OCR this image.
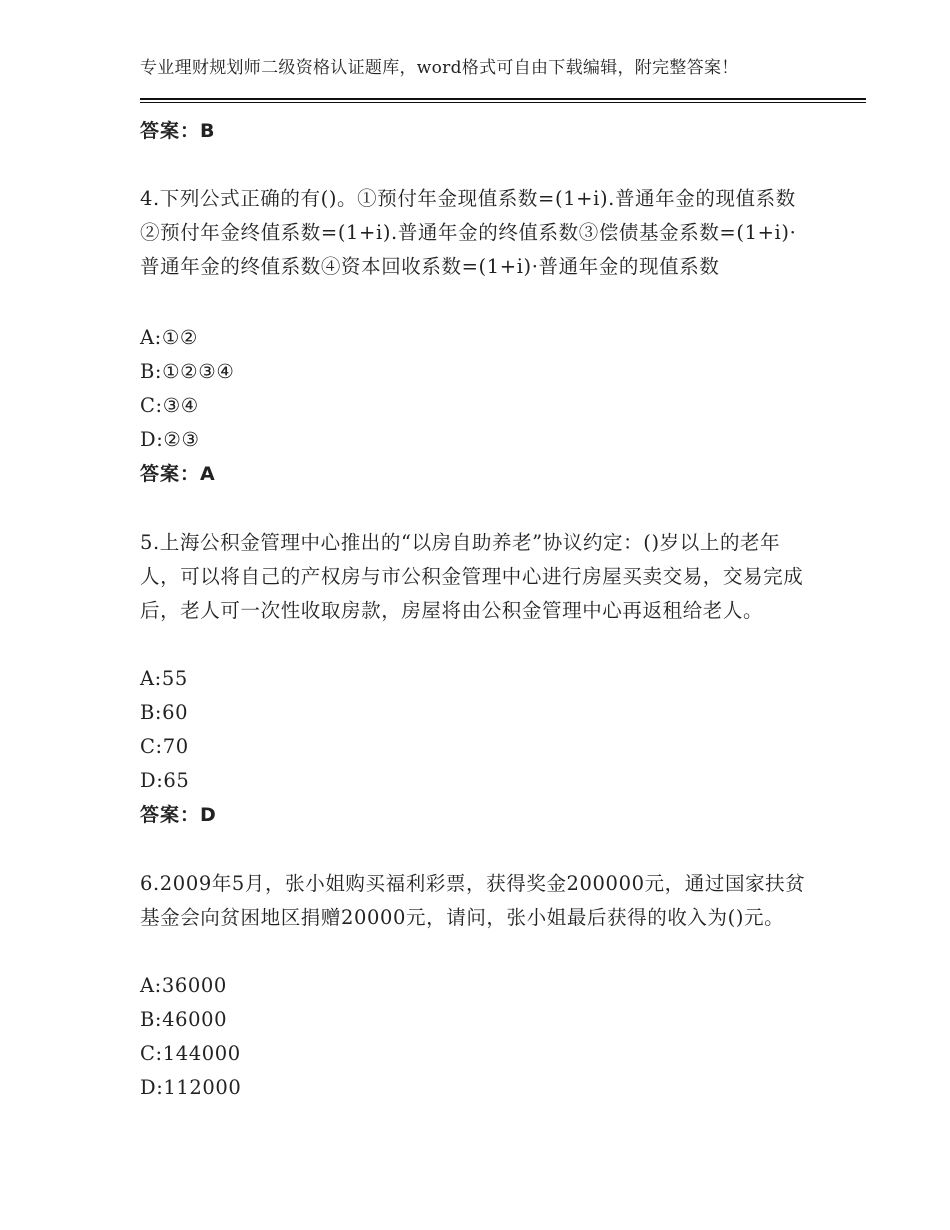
专业理财规划师二级资格认证题库，word格式可自由下载编辑，附完整答案！
答案：B
4.下列公式正确的有()。①预付年金现值系数=(1+i).普通年金的现值系数②预付年金终值系数=(1+i).普通年金的终值系数③偿债基金系数=(1+i)·普通年金的终值系数④资本回收系数=(1+i)·普通年金的现值系数
A:①②
B:①②③④
C:③④
D:②③
答案：A
5.上海公积金管理中心推出的“以房自助养老”协议约定：()岁以上的老年人，可以将自己的产权房与市公积金管理中心进行房屋买卖交易，交易完成后，老人可一次性收取房款，房屋将由公积金管理中心再返租给老人。
A:55
B:60
C:70
D:65
答案：D
6.2009年5月，张小姐购买福利彩票，获得奖金200000元，通过国家扶贫基金会向贫困地区捐赠20000元，请问，张小姐最后获得的收入为()元。
A:36000
B:46000
C:144000
D:112000
